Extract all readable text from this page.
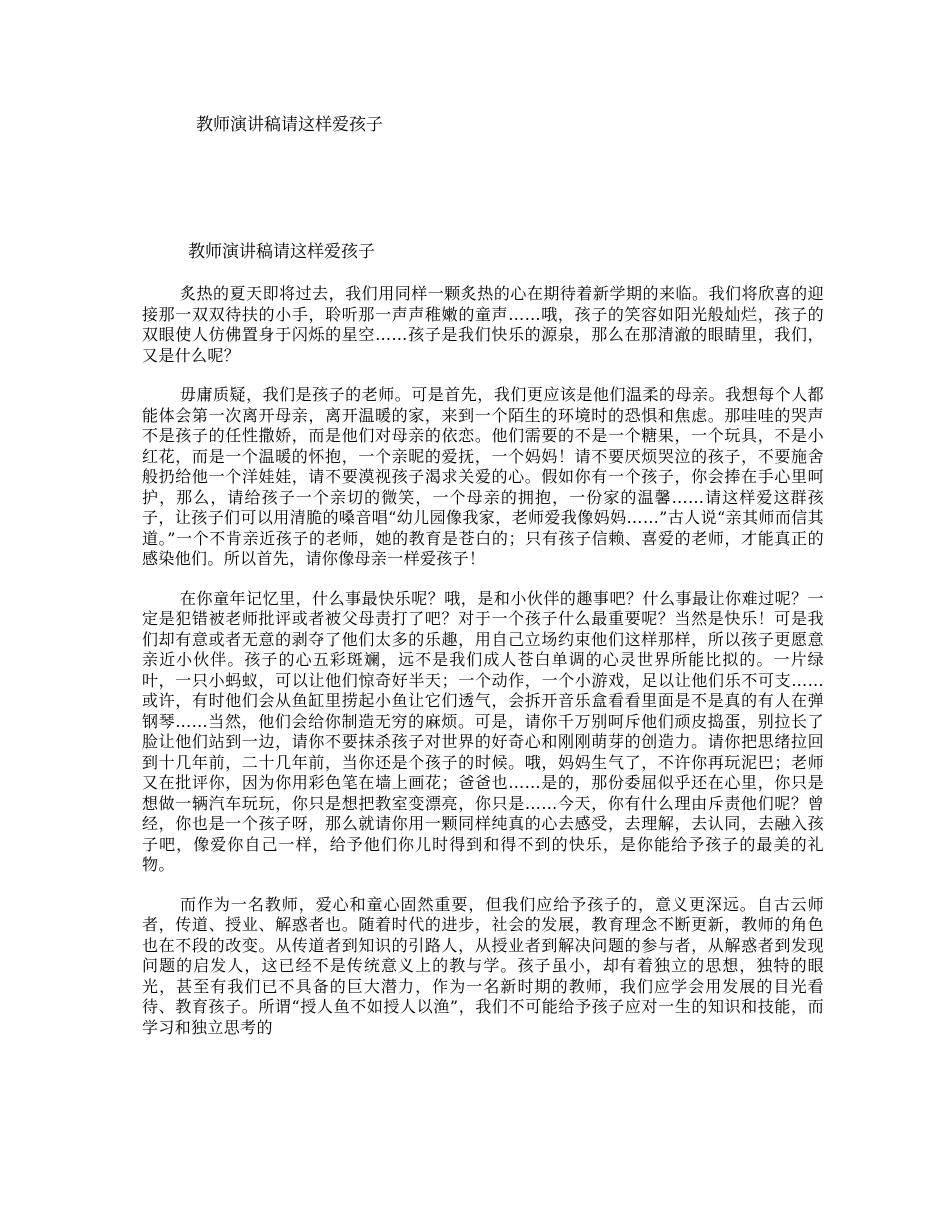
教师演讲稿请这样爱孩子
教师演讲稿请这样爱孩子

炙热的夏天即将过去，我们用同样一颗炙热的心在期待着新学期的来临。我们将欣喜的迎接那一双双待扶的小手，聆听那一声声稚嫩的童声……哦，孩子的笑容如阳光般灿烂，孩子的双眼使人仿佛置身于闪烁的星空……孩子是我们快乐的源泉，那么在那清澈的眼睛里，我们，又是什么呢？

毋庸质疑，我们是孩子的老师。可是首先，我们更应该是他们温柔的母亲。我想每个人都能体会第一次离开母亲，离开温暖的家，来到一个陌生的环境时的恐惧和焦虑。那哇哇的哭声不是孩子的任性撒娇，而是他们对母亲的依恋。他们需要的不是一个糖果，一个玩具，不是小红花，而是一个温暖的怀抱，一个亲昵的爱抚，一个妈妈！请不要厌烦哭泣的孩子，不要施舍般扔给他一个洋娃娃，请不要漠视孩子渴求关爱的心。假如你有一个孩子，你会捧在手心里呵护，那么，请给孩子一个亲切的微笑，一个母亲的拥抱，一份家的温馨……请这样爱这群孩子，让孩子们可以用清脆的嗓音唱“幼儿园像我家，老师爱我像妈妈……”古人说“亲其师而信其道。”一个不肯亲近孩子的老师，她的教育是苍白的；只有孩子信赖、喜爱的老师，才能真正的感染他们。所以首先，请你像母亲一样爱孩子！

在你童年记忆里，什么事最快乐呢？哦，是和小伙伴的趣事吧？什么事最让你难过呢？一定是犯错被老师批评或者被父母责打了吧？对于一个孩子什么最重要呢？当然是快乐！可是我们却有意或者无意的剥夺了他们太多的乐趣，用自己立场约束他们这样那样，所以孩子更愿意亲近小伙伴。孩子的心五彩斑斓，远不是我们成人苍白单调的心灵世界所能比拟的。一片绿叶，一只小蚂蚁，可以让他们惊奇好半天；一个动作，一个小游戏，足以让他们乐不可支……或许，有时他们会从鱼缸里捞起小鱼让它们透气，会拆开音乐盒看看里面是不是真的有人在弹钢琴……当然，他们会给你制造无穷的麻烦。可是，请你千万别呵斥他们顽皮捣蛋，别拉长了脸让他们站到一边，请你不要抹杀孩子对世界的好奇心和刚刚萌芽的创造力。请你把思绪拉回到十几年前，二十几年前，当你还是个孩子的时候。哦，妈妈生气了，不许你再玩泥巴；老师又在批评你，因为你用彩色笔在墙上画花；爸爸也……是的，那份委屈似乎还在心里，你只是想做一辆汽车玩玩，你只是想把教室变漂亮，你只是……今天，你有什么理由斥责他们呢？曾经，你也是一个孩子呀，那么就请你用一颗同样纯真的心去感受，去理解，去认同，去融入孩子吧，像爱你自己一样，给予他们你儿时得到和得不到的快乐，是你能给予孩子的最美的礼物。

而作为一名教师，爱心和童心固然重要，但我们应给予孩子的，意义更深远。自古云师者，传道、授业、解惑者也。随着时代的进步，社会的发展，教育理念不断更新，教师的角色也在不段的改变。从传道者到知识的引路人，从授业者到解决问题的参与者，从解惑者到发现问题的启发人，这已经不是传统意义上的教与学。孩子虽小，却有着独立的思想，独特的眼光，甚至有我们已不具备的巨大潜力，作为一名新时期的教师，我们应学会用发展的目光看待、教育孩子。所谓“授人鱼不如授人以渔”，我们不可能给予孩子应对一生的知识和技能，而学习和独立思考的
